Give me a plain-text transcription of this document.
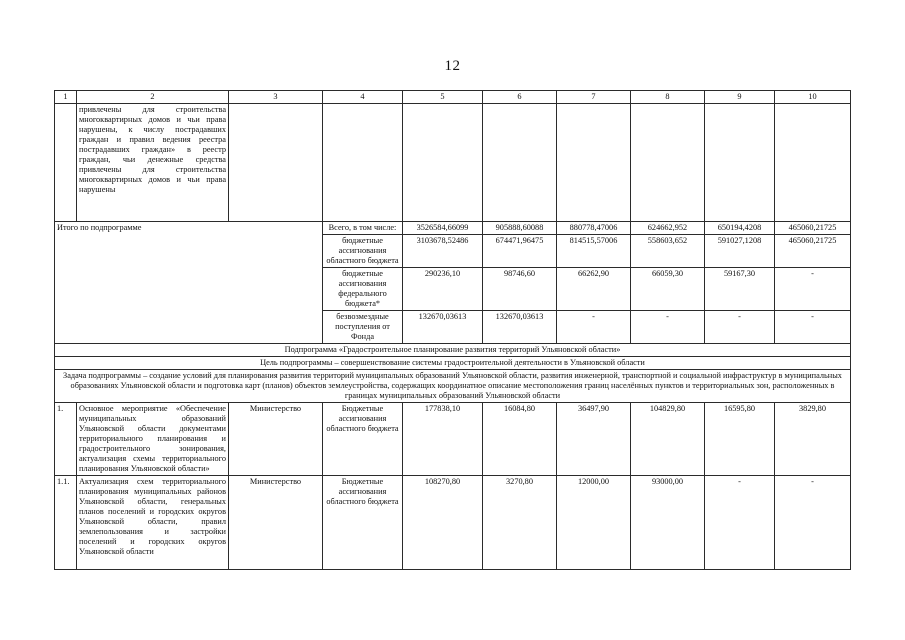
12
1	2	3	4	5	6	7	8	9	10
	привлечены для строительства многоквартирных домов и чьи права нарушены, к числу пострадавших граждан и правил ведения реестра пострадавших граждан» в реестр граждан, чьи денежные средства привлечены для строительства многоквартирных домов и чьи права нарушены								
Итого по подпрограмме			Всего, в том числе:	3526584,66099	905888,60088	880778,47006	624662,952	650194,4208	465060,21725
			бюджетные ассигнования областного бюджета	3103678,52486	674471,96475	814515,57006	558603,652	591027,1208	465060,21725
			бюджетные ассигнования федерального бюджета*	290236,10	98746,60	66262,90	66059,30	59167,30	-
			безвозмездные поступления от Фонда	132670,03613	132670,03613	-	-	-	-
Подпрограмма «Градостроительное планирование развития территорий Ульяновской области»									
Цель подпрограммы – совершенствование системы градостроительной деятельности в Ульяновской области									
Задача подпрограммы – создание условий для планирования развития территорий муниципальных образований Ульяновской области, развития инженерной, транспортной и социальной инфраструктур в муниципальных образованиях Ульяновской области и подготовка карт (планов) объектов землеустройства, содержащих координатное описание местоположения границ населённых пунктов и территориальных зон, расположенных в границах муниципальных образований Ульяновской области									
1.	Основное мероприятие «Обеспечение муниципальных образований Ульяновской области документами территориального планирования и градостроительного зонирования, актуализация схемы территориального планирования Ульяновской области»	Министерство	Бюджетные ассигнования областного бюджета	177838,10	16084,80	36497,90	104829,80	16595,80	3829,80
1.1.	Актуализация схем территориального планирования муниципальных районов Ульяновской области, генеральных планов поселений и городских округов Ульяновской области, правил землепользования и застройки поселений и городских округов Ульяновской области	Министерство	Бюджетные ассигнования областного бюджета	108270,80	3270,80	12000,00	93000,00	-	-
